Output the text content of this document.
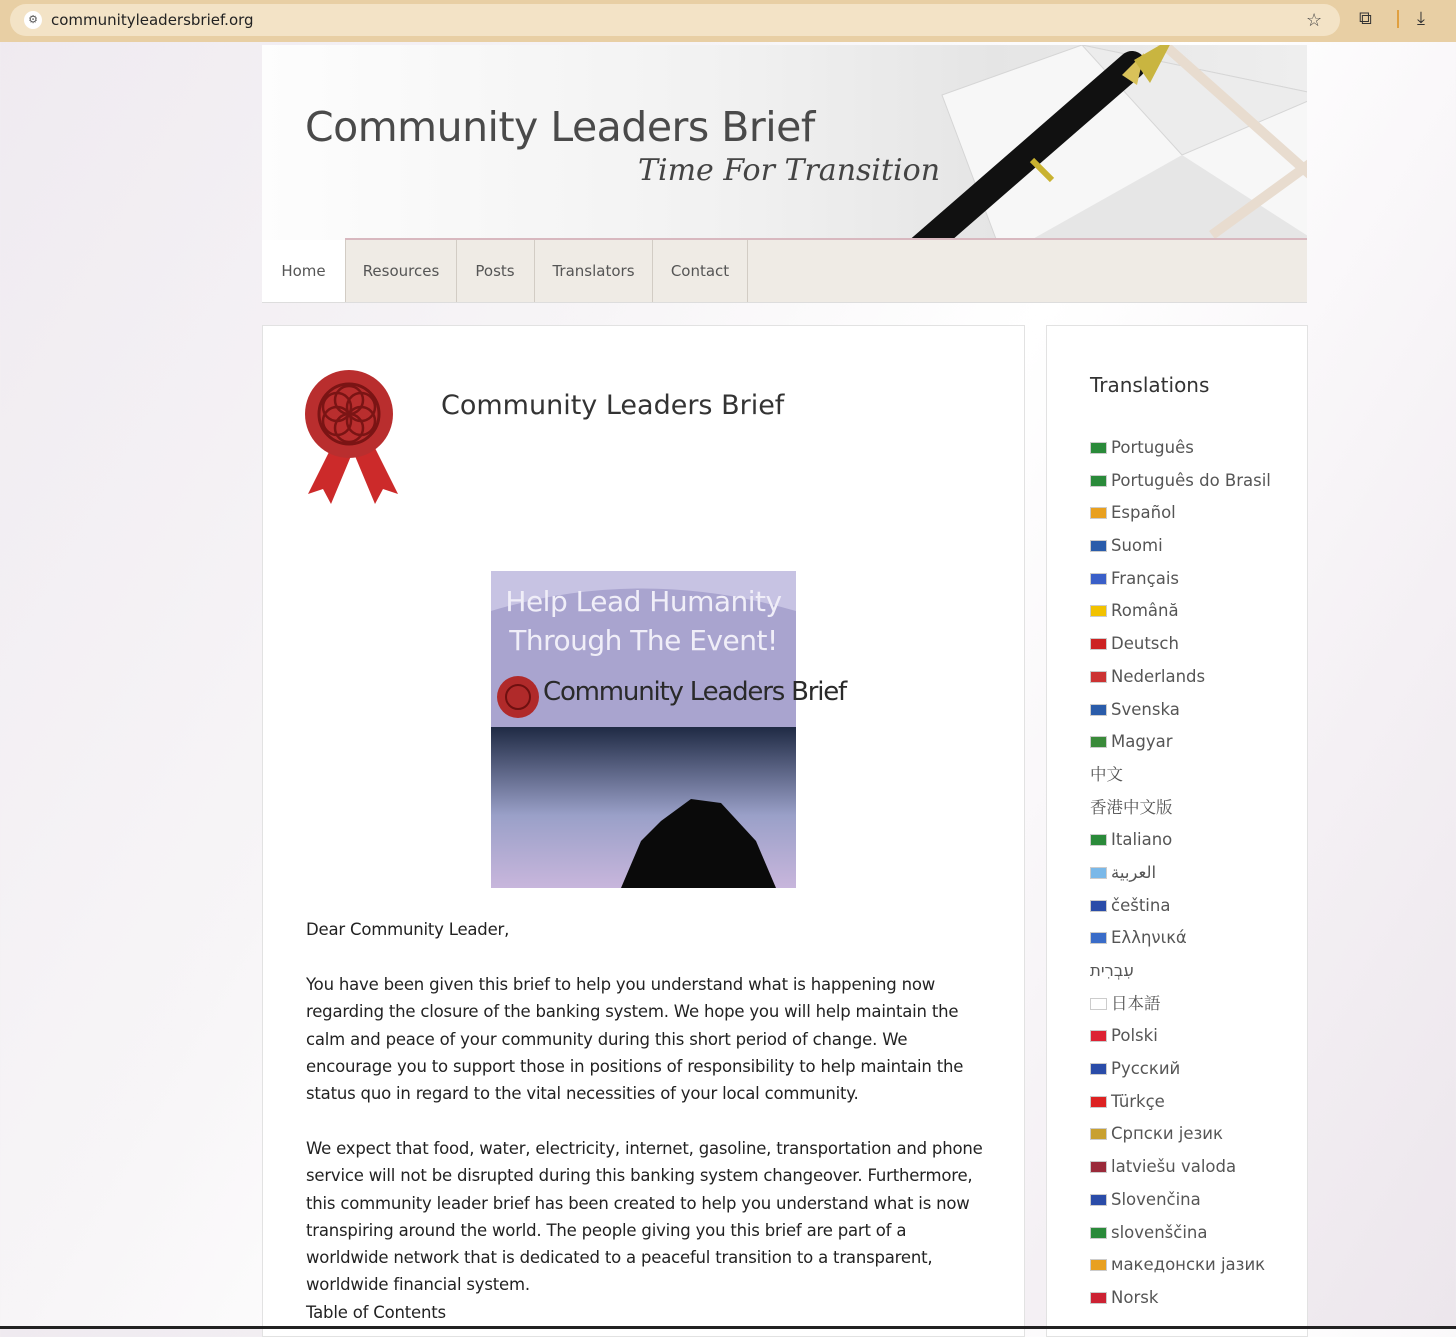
⚙ communityleadersbrief.org	☆ ⧉	⤓
Community Leaders Brief
Time For Transition
Home	Resources	Posts	Translators	Contact
Community Leaders Brief
Help Lead Humanity
Through The Event!
Community Leaders Brief

Dear Community Leader,

You have been given this brief to help you understand what is happening now regarding the closure of the banking system. We hope you will help maintain the calm and peace of your community during this short period of change. We encourage you to support those in positions of responsibility to help maintain the status quo in regard to the vital necessities of your local community.

We expect that food, water, electricity, internet, gasoline, transportation and phone service will not be disrupted during this banking system changeover. Furthermore, this community leader brief has been created to help you understand what is now transpiring around the world. The people giving you this brief are part of a worldwide network that is dedicated to a peaceful transition to a transparent, worldwide financial system.

Table of Contents

Translations
Português
Português do Brasil
Español
Suomi
Français
Română
Deutsch
Nederlands
Svenska
Magyar
中文
香港中文版
Italiano
العربية
čeština
Ελληνικά
עִבְרִית
日本語
Polski
Русский
Türkçe
Српски језик
latviešu valoda
Slovenčina
slovenščina
македонски јазик
Norsk
